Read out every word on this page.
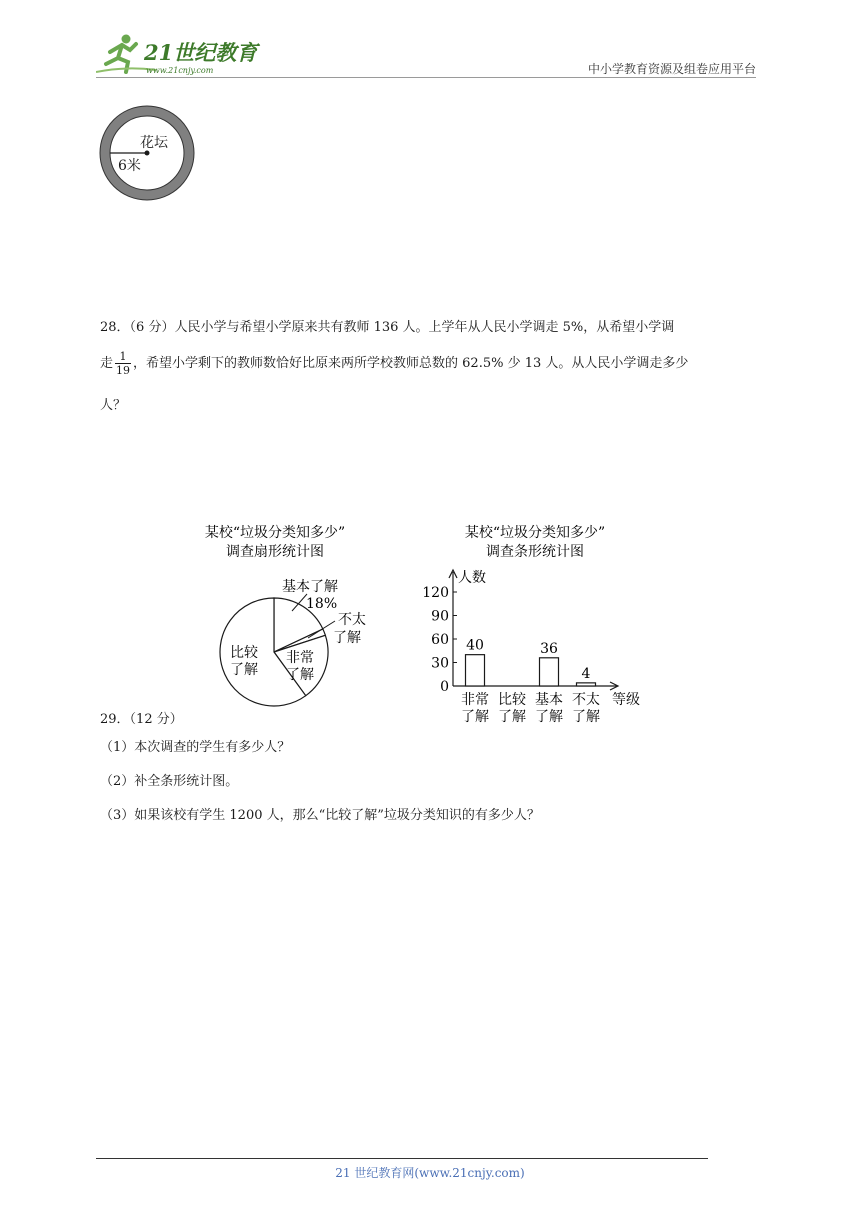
21世纪教育
www.21cnjy.com	中小学教育资源及组卷应用平台
花坛
6米
28．（6 分）人民小学与希望小学原来共有教师 136 人。上学年从人民小学调走 5%，从希望小学调
走 $\frac{1}{19}$ ，希望小学剩下的教师数恰好比原来两所学校教师总数的 62.5% 少 13 人。从人民小学调走多少
人？
某校“垃圾分类知多少”
调查扇形统计图
基本了解
18%
不太
了解
非常
了解
比较
了解
某校“垃圾分类知多少”
调查条形统计图
人数
等级
0
30
60
90
120
40	36
4
非常
了解
比较
了解
基本
了解
不太
了解
29．（12 分）
（1）本次调查的学生有多少人？
（2）补全条形统计图。
（3）如果该校有学生 1200 人，那么“比较了解”垃圾分类知识的有多少人？
21 世纪教育网(www.21cnjy.com)
